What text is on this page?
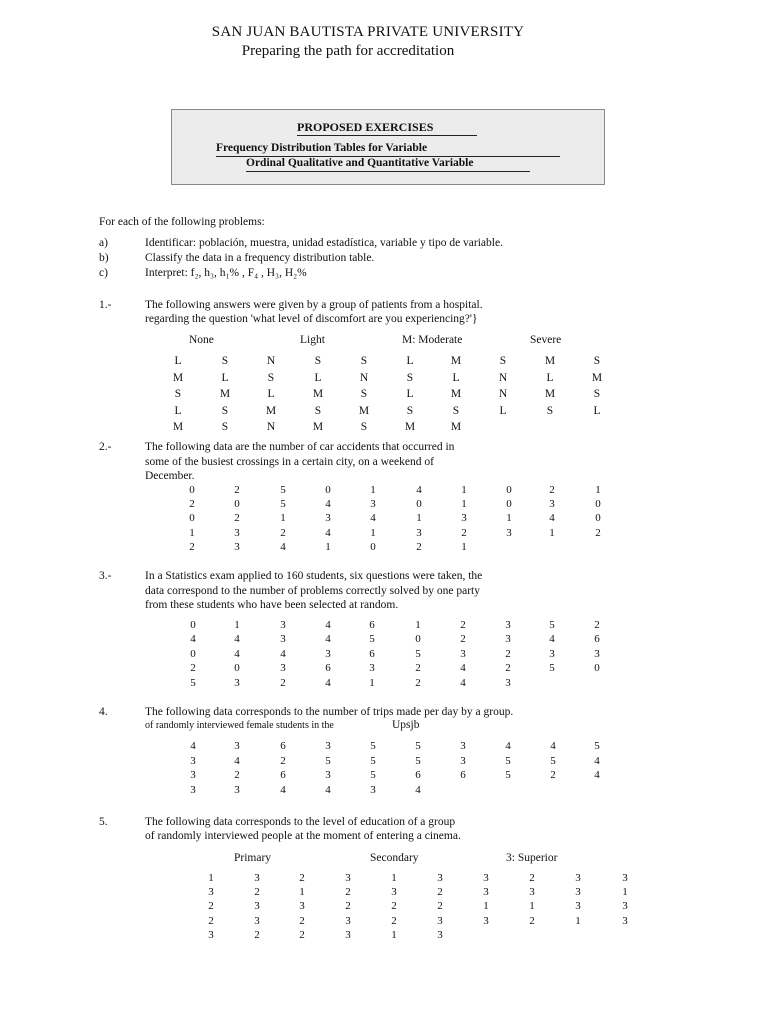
SAN JUAN BAUTISTA PRIVATE UNIVERSITY
Preparing the path for accreditation
PROPOSED EXERCISES
Frequency Distribution Tables for Variable
Ordinal Qualitative and Quantitative Variable
For each of the following problems:
a)	Identificar: población, muestra, unidad estadística, variable y tipo de variable.
b)	Classify the data in a frequency distribution table.
c)	Interpret: f₂, h₃, h₁% , F₄ , H₃, H₂%
1.-	The following answers were given by a group of patients from a hospital.
regarding the question 'what level of discomfort are you experiencing?'}
None	Light	M: Moderate	Severe
L	S	N	S	S	L	M	S	M	S
M	L	S	L	N	S	L	N	L	M
S	M	L	M	S	L	M	N	M	S
L	S	M	S	M	S	S	L	S	L
M	S	N	M	S	M	M
2.-	The following data are the number of car accidents that occurred in
some of the busiest crossings in a certain city, on a weekend of
December.
0	2	5	0	1	4	1	0	2	1
2	0	5	4	3	0	1	0	3	0
0	2	1	3	4	1	3	1	4	0
1	3	2	4	1	3	2	3	1	2
2	3	4	1	0	2	1
3.-	In a Statistics exam applied to 160 students, six questions were taken, the
data correspond to the number of problems correctly solved by one party
from these students who have been selected at random.
0	1	3	4	6	1	2	3	5	2
4	4	3	4	5	0	2	3	4	6
0	4	4	3	6	5	3	2	3	3
2	0	3	6	3	2	4	2	5	0
5	3	2	4	1	2	4	3
4.	The following data corresponds to the number of trips made per day by a group.
of randomly interviewed female students in the	Upsjb
4	3	6	3	5	5	3	4	4	5
3	4	2	5	5	5	3	5	5	4
3	2	6	3	5	6	6	5	2	4
3	3	4	4	3	4
5.	The following data corresponds to the level of education of a group
of randomly interviewed people at the moment of entering a cinema.
Primary	Secondary	3: Superior
1	3	2	3	1	3	3	2	3	3
3	2	1	2	3	2	3	3	3	1
2	3	3	2	2	2	1	1	3	3
2	3	2	3	2	3	3	2	1	3
3	2	2	3	1	3
